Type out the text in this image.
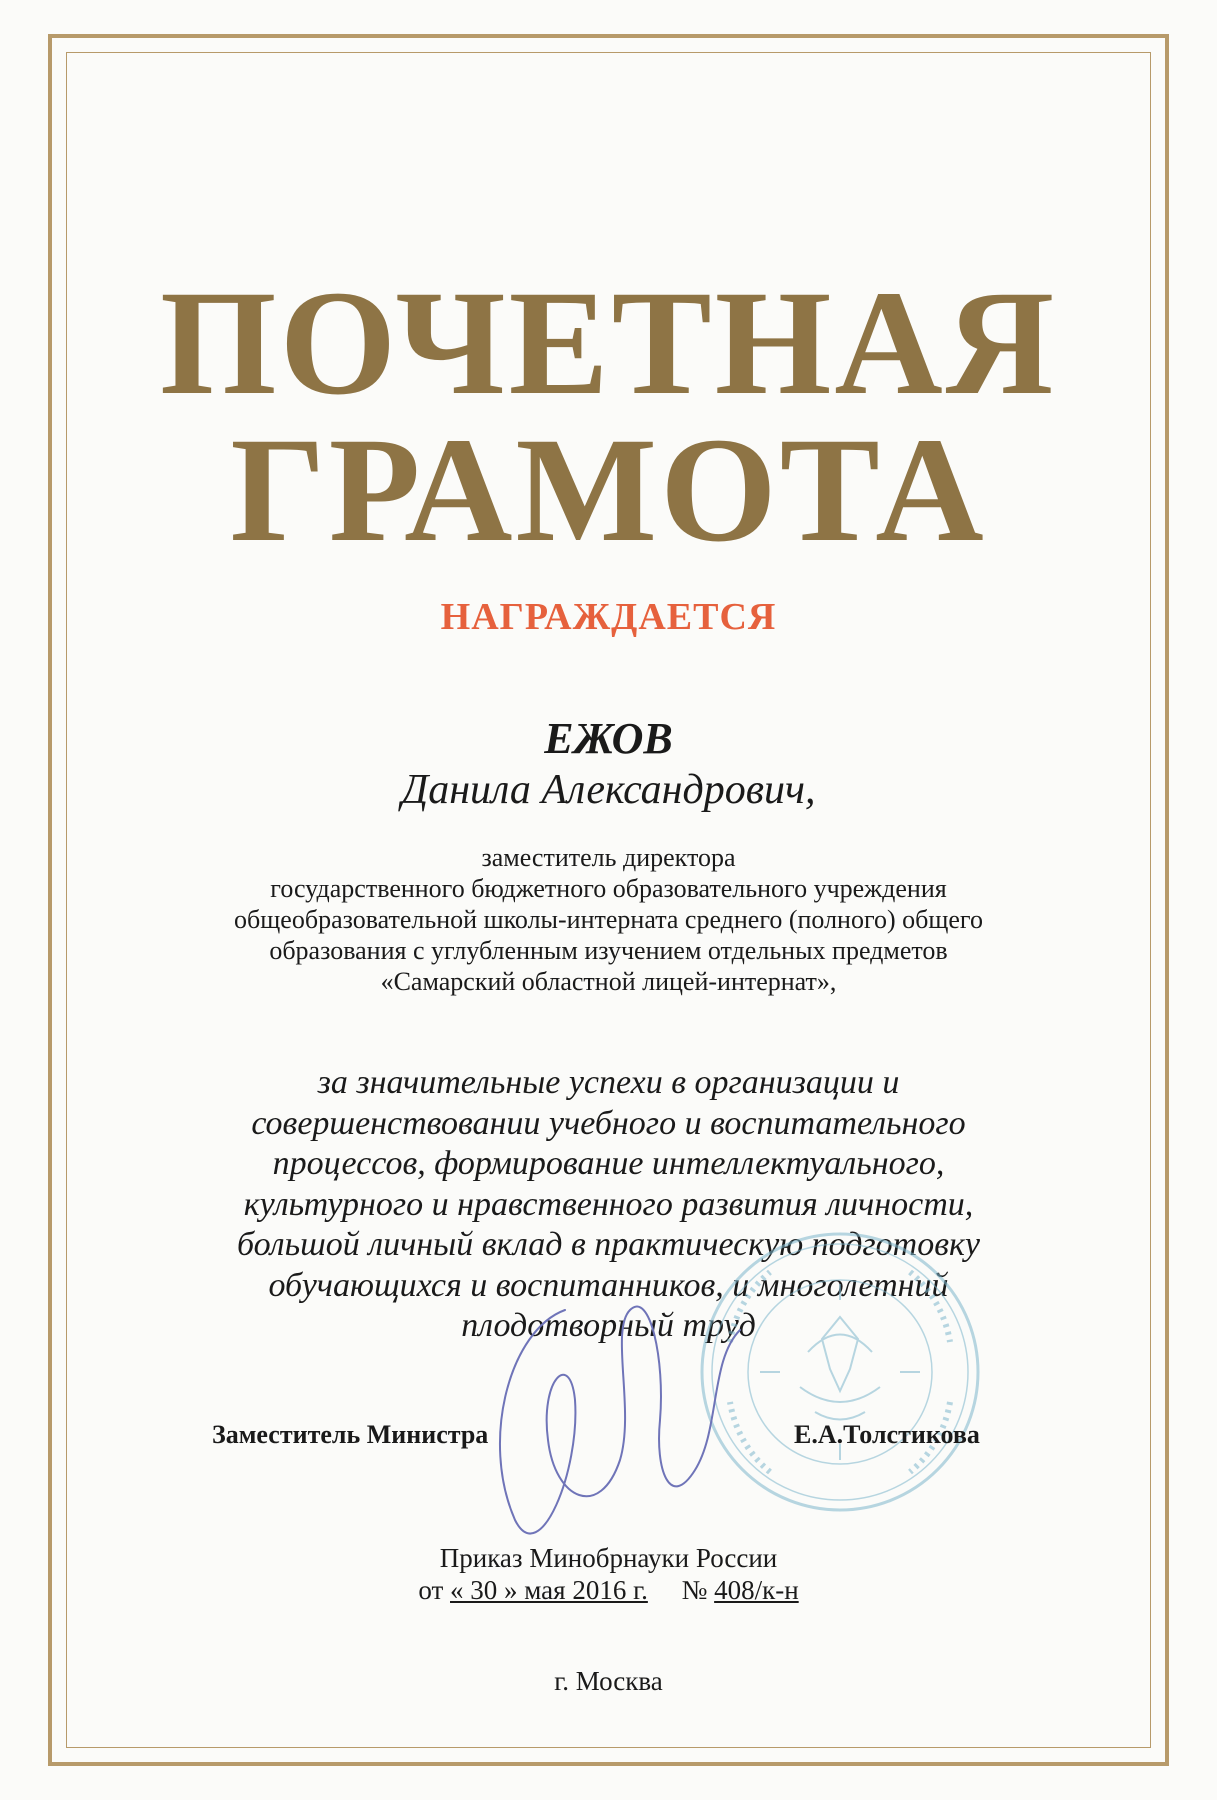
ПОЧЕТНАЯ
ГРАМОТА
НАГРАЖДАЕТСЯ
ЕЖОВ
Данила Александрович,
заместитель директора
государственного бюджетного образовательного учреждения
общеобразовательной школы-интерната среднего (полного) общего
образования с углубленным изучением отдельных предметов
«Самарский областной лицей-интернат»,
за значительные успехи в организации и
совершенствовании учебного и воспитательного
процессов, формирование интеллектуального,
культурного и нравственного развития личности,
большой личный вклад в практическую подготовку
обучающихся и воспитанников, и многолетний
плодотворный труд
Заместитель Министра	Е.А.Толстикова
Приказ Минобрнауки России
от « 30 » мая 2016 г. № 408/к-н
г. Москва
